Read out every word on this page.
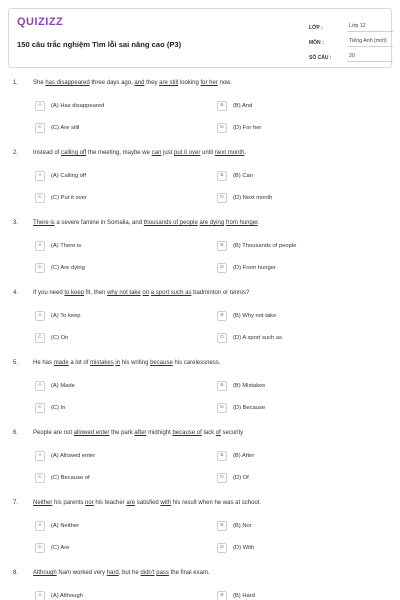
QUIZIZZ
150 câu trắc nghiệm Tìm lỗi sai nâng cao (P3)
LỚP :	Lớp 12
MÔN :	Tiếng Anh (mới)
SỐ CÂU :	20
1. She has disappeared three days ago, and they are still looking for her now.
A	(A) Has disappeared	B	(B) And
C	(C) Are still	D	(D) For her
2. Instead of calling off the meeting, maybe we can just put it over until next month.
A	(A) Calling off	B	(B) Can
C	(C) Put it over	D	(D) Next month
3. There is a severe famine in Somalia, and thousands of people are dying from hunger.
A	(A) There is	B	(B) Thousands of people
C	(C) Are dying	D	(D) From hunger
4. If you need to keep fit, then why not take on a sport such as badminton or tennis?
A	(A) To keep	B	(B) Why not take
C	(C) On	D	(D) A sport such as
5. He has made a lot of mistakes in his writing because his carelessness.
A	(A) Made	B	(B) Mistakes
C	(C) In	D	(D) Because
6. People are not allowed enter the park after midnight because of lack of security
A	(A) Allowed enter	B	(B) After
C	(C) Because of	D	(D) Of
7. Neither his parents nor his teacher are satisfied with his result when he was at school.
A	(A) Neither	B	(B) Nor
C	(C) Are	D	(D) With
8. Although Nam worked very hard, but he didn't pass the final exam.
A	(A) Although	B	(B) Hard
